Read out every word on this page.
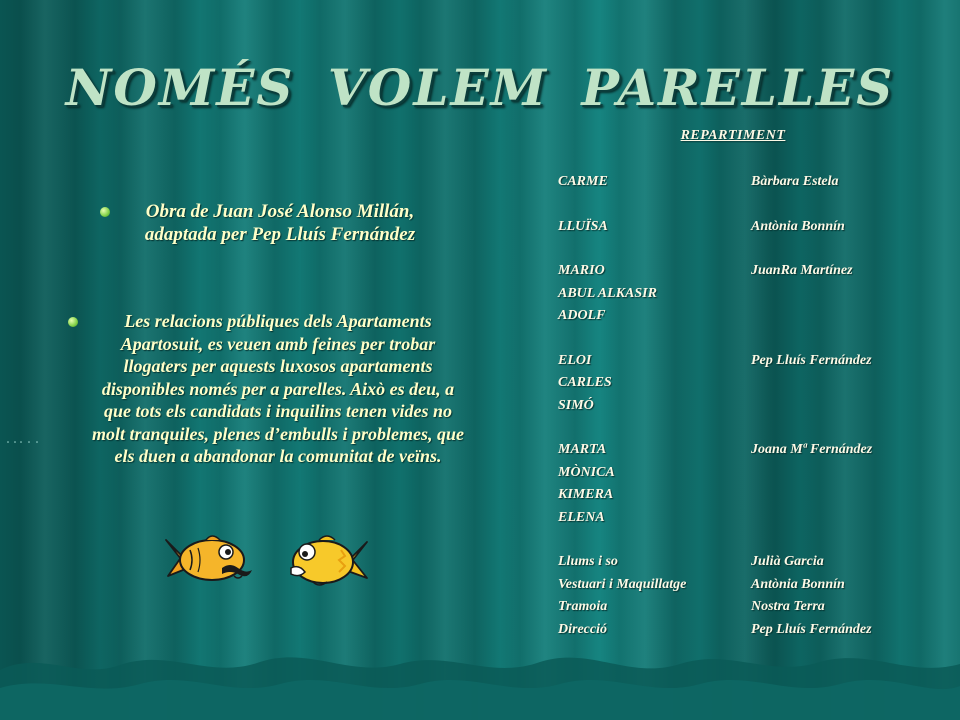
NOMÉS VOLEM PARELLES
Obra de Juan José Alonso Millán, adaptada per Pep Lluís Fernández
Les relacions públiques dels Apartaments Apartosuit, es veuen amb feines per trobar llogaters per aquests luxosos apartaments disponibles només per a parelles. Això es deu, a que tots els candidats i inquilins tenen vides no molt tranquiles, plenes d’embulls i problemes, que els duen a abandonar la comunitat de veïns.
REPARTIMENT
CARME	Bàrbara Estela
LLUÏSA	Antònia Bonnín
MARIO	JuanRa Martínez
ABUL ALKASIR
ADOLF
ELOI	Pep Lluís Fernández
CARLES
SIMÓ
MARTA	Joana Mª Fernández
MÒNICA
KIMERA
ELENA
Llums i so	Julià Garcia
Vestuari i Maquillatge	Antònia Bonnín
Tramoia	Nostra Terra
Direcció	Pep Lluís Fernández
